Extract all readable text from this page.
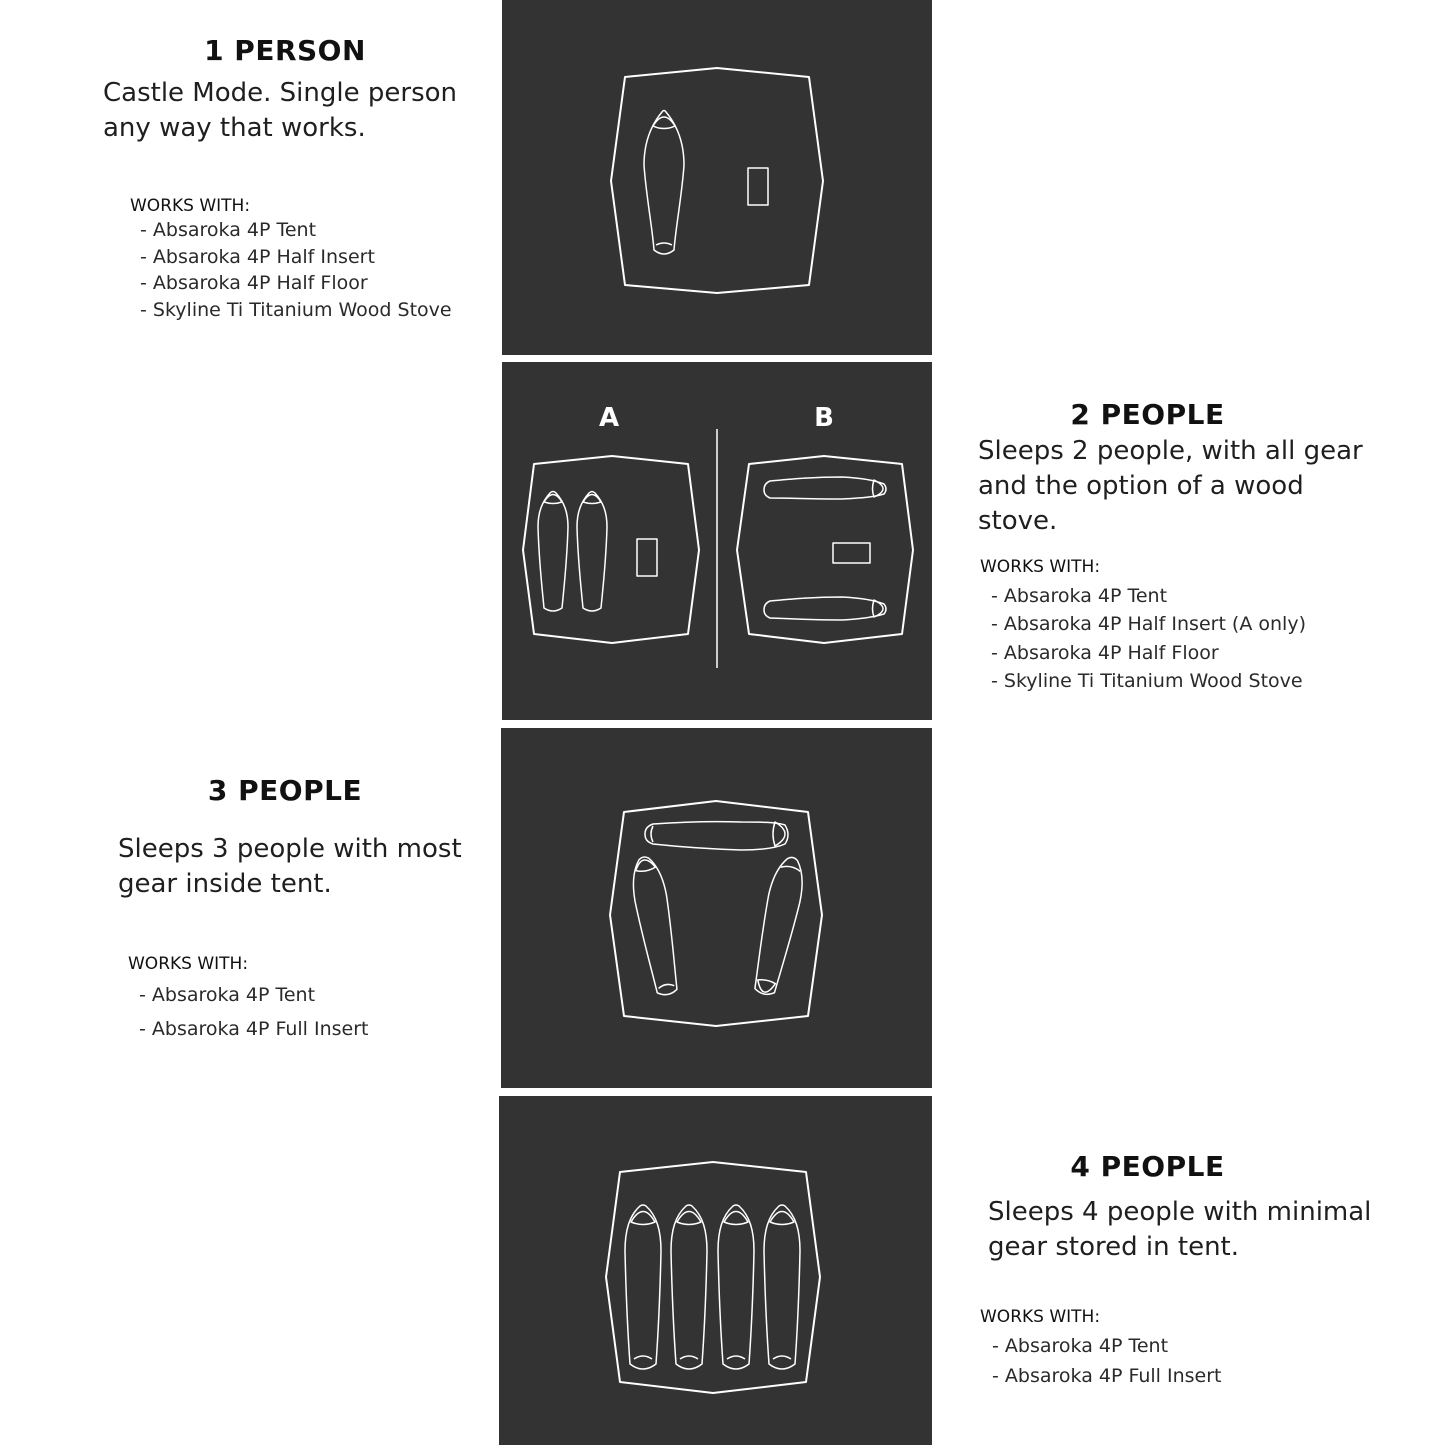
1 PERSON

Castle Mode. Single person
any way that works.

WORKS WITH:

- Absaroka 4P Tent
- Absaroka 4P Half Insert
- Absaroka 4P Half Floor
- Skyline Ti Titanium Wood Stove
A	B	2 PEOPLE

Sleeps 2 people, with all gear
and the option of a wood
stove.

WORKS WITH:

- Absaroka 4P Tent
- Absaroka 4P Half Insert (A only)
- Absaroka 4P Half Floor
- Skyline Ti Titanium Wood Stove
3 PEOPLE

Sleeps 3 people with most
gear inside tent.

WORKS WITH:

- Absaroka 4P Tent
- Absaroka 4P Full Insert
4 PEOPLE

Sleeps 4 people with minimal
gear stored in tent.

WORKS WITH:

- Absaroka 4P Tent
- Absaroka 4P Full Insert
